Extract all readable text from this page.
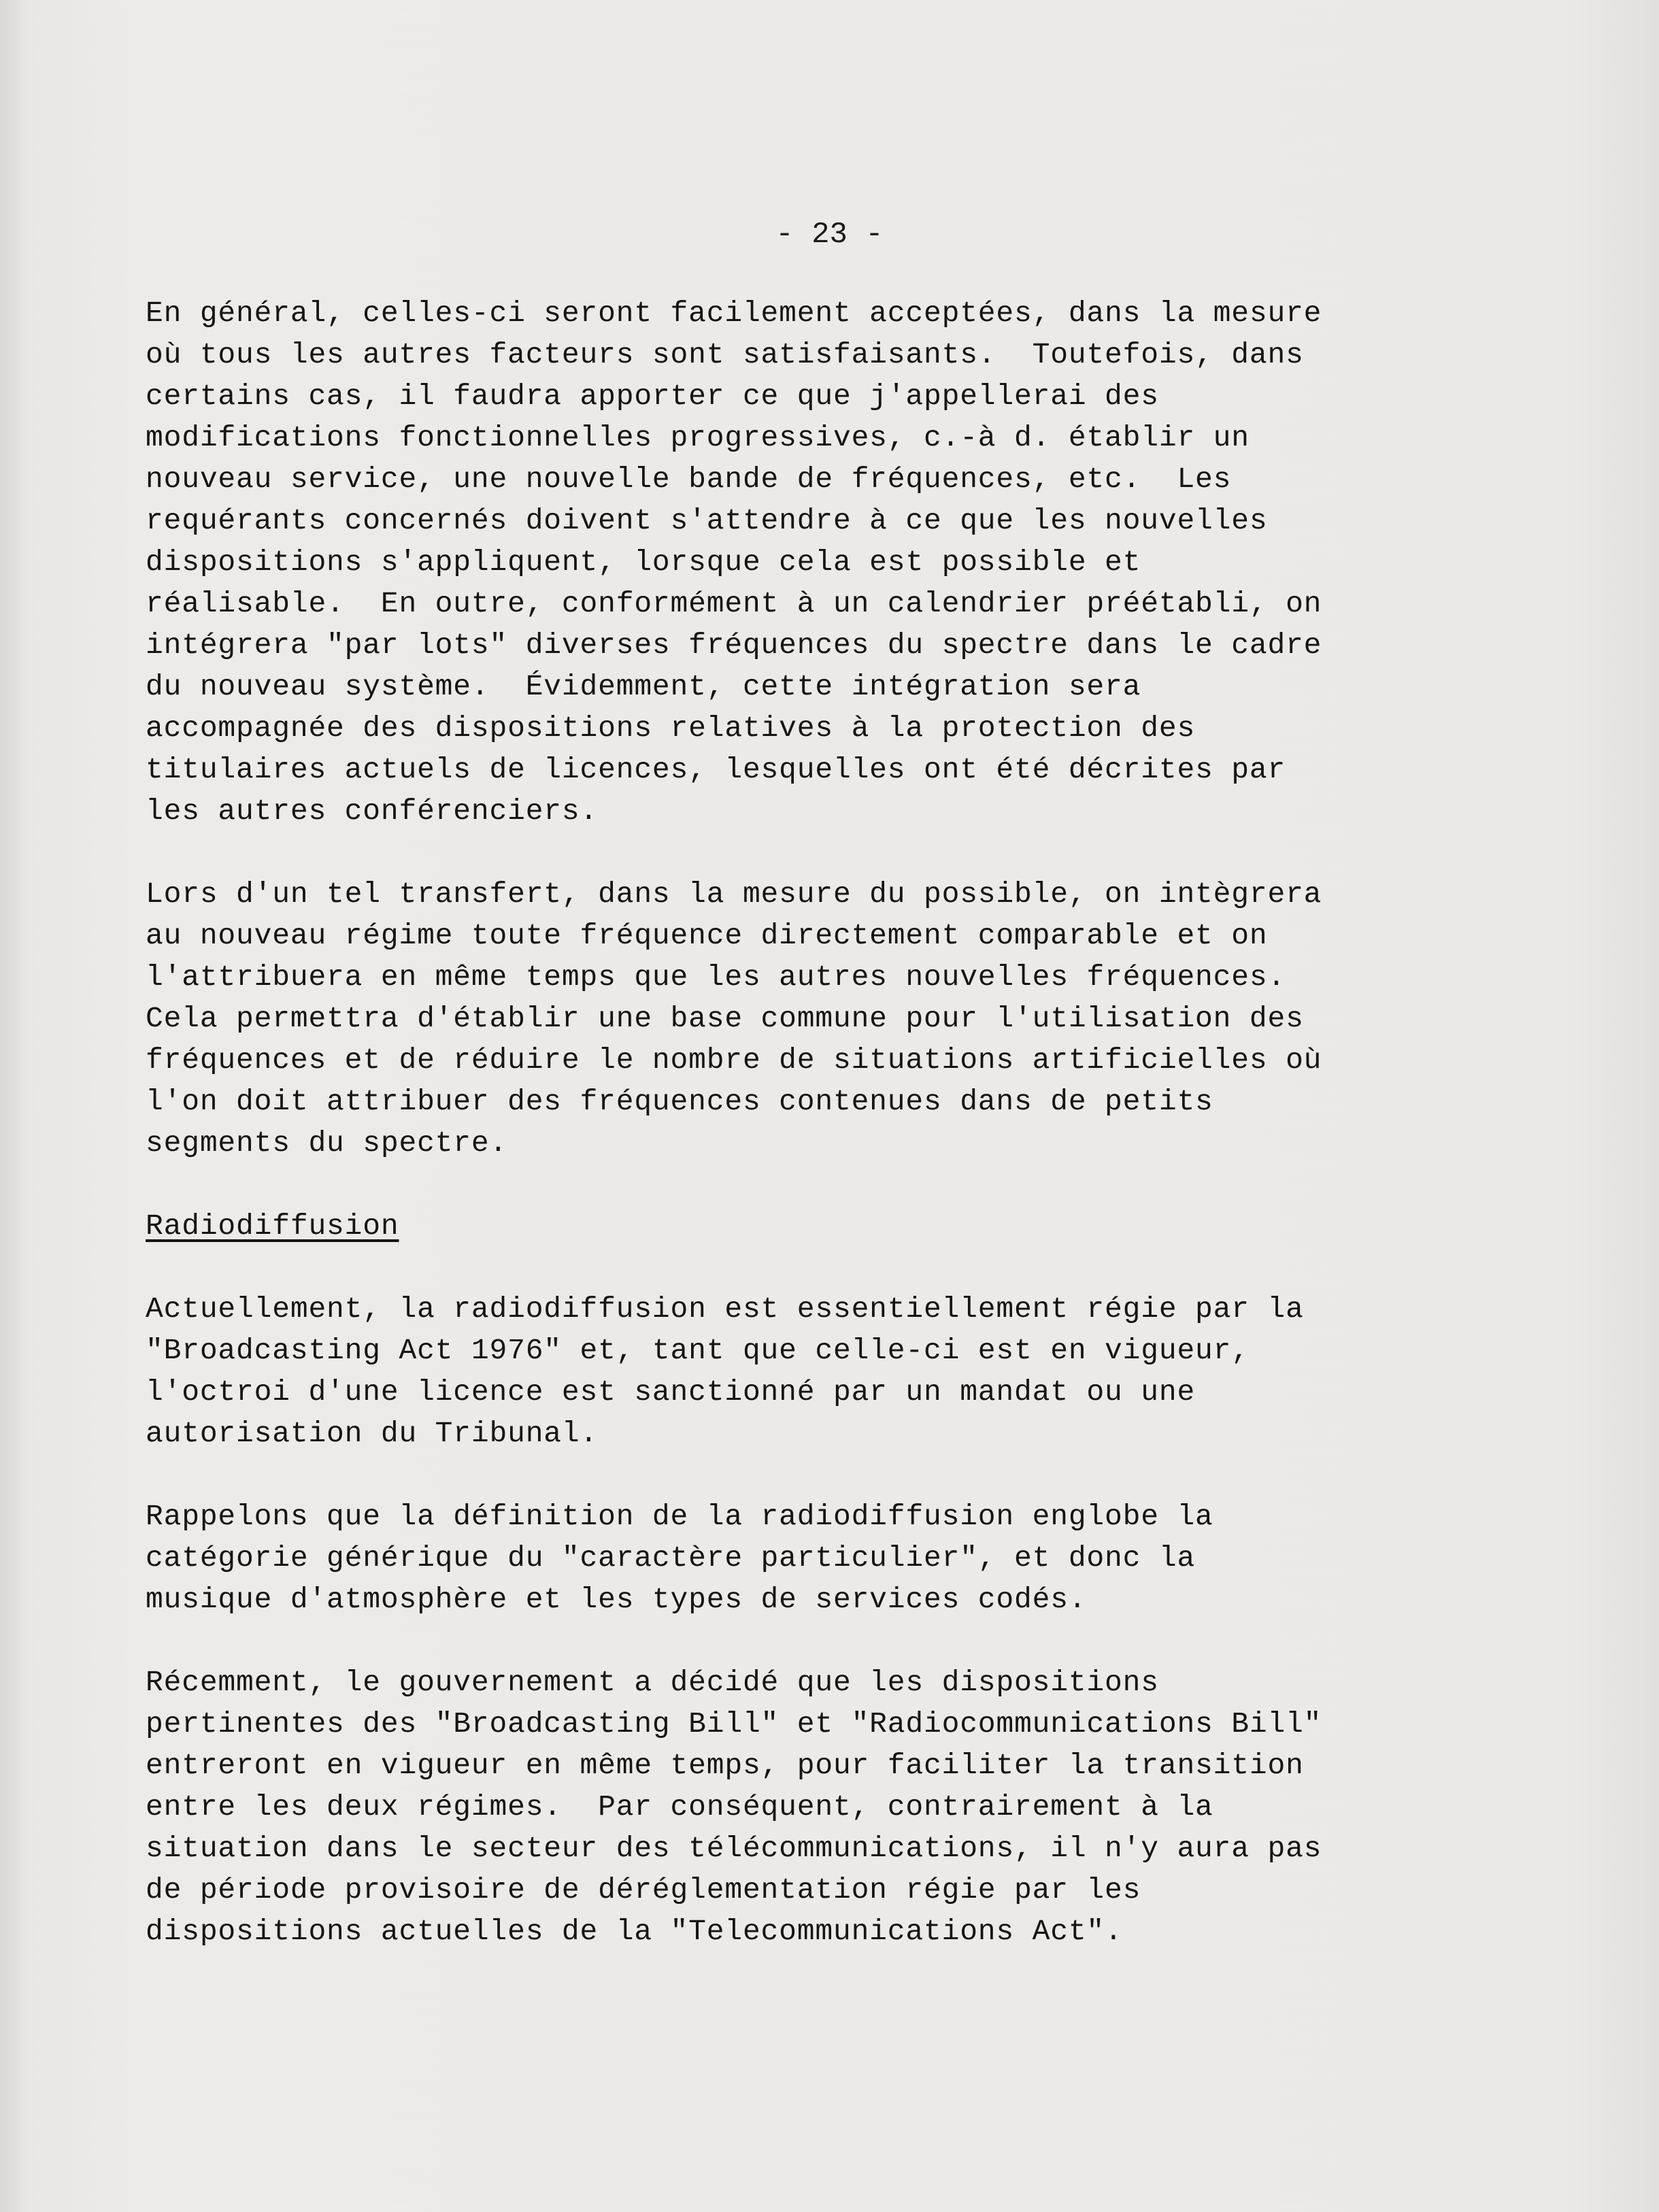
- 23 -
En général, celles-ci seront facilement acceptées, dans la mesure
où tous les autres facteurs sont satisfaisants.  Toutefois, dans
certains cas, il faudra apporter ce que j'appellerai des
modifications fonctionnelles progressives, c.-à d. établir un
nouveau service, une nouvelle bande de fréquences, etc.  Les
requérants concernés doivent s'attendre à ce que les nouvelles
dispositions s'appliquent, lorsque cela est possible et
réalisable.  En outre, conformément à un calendrier préétabli, on
intégrera "par lots" diverses fréquences du spectre dans le cadre
du nouveau système.  Évidemment, cette intégration sera
accompagnée des dispositions relatives à la protection des
titulaires actuels de licences, lesquelles ont été décrites par
les autres conférenciers.
Lors d'un tel transfert, dans la mesure du possible, on intègrera
au nouveau régime toute fréquence directement comparable et on
l'attribuera en même temps que les autres nouvelles fréquences.
Cela permettra d'établir une base commune pour l'utilisation des
fréquences et de réduire le nombre de situations artificielles où
l'on doit attribuer des fréquences contenues dans de petits
segments du spectre.
Radiodiffusion
Actuellement, la radiodiffusion est essentiellement régie par la
"Broadcasting Act 1976" et, tant que celle-ci est en vigueur,
l'octroi d'une licence est sanctionné par un mandat ou une
autorisation du Tribunal.
Rappelons que la définition de la radiodiffusion englobe la
catégorie générique du "caractère particulier", et donc la
musique d'atmosphère et les types de services codés.
Récemment, le gouvernement a décidé que les dispositions
pertinentes des "Broadcasting Bill" et "Radiocommunications Bill"
entreront en vigueur en même temps, pour faciliter la transition
entre les deux régimes.  Par conséquent, contrairement à la
situation dans le secteur des télécommunications, il n'y aura pas
de période provisoire de déréglementation régie par les
dispositions actuelles de la "Telecommunications Act".
